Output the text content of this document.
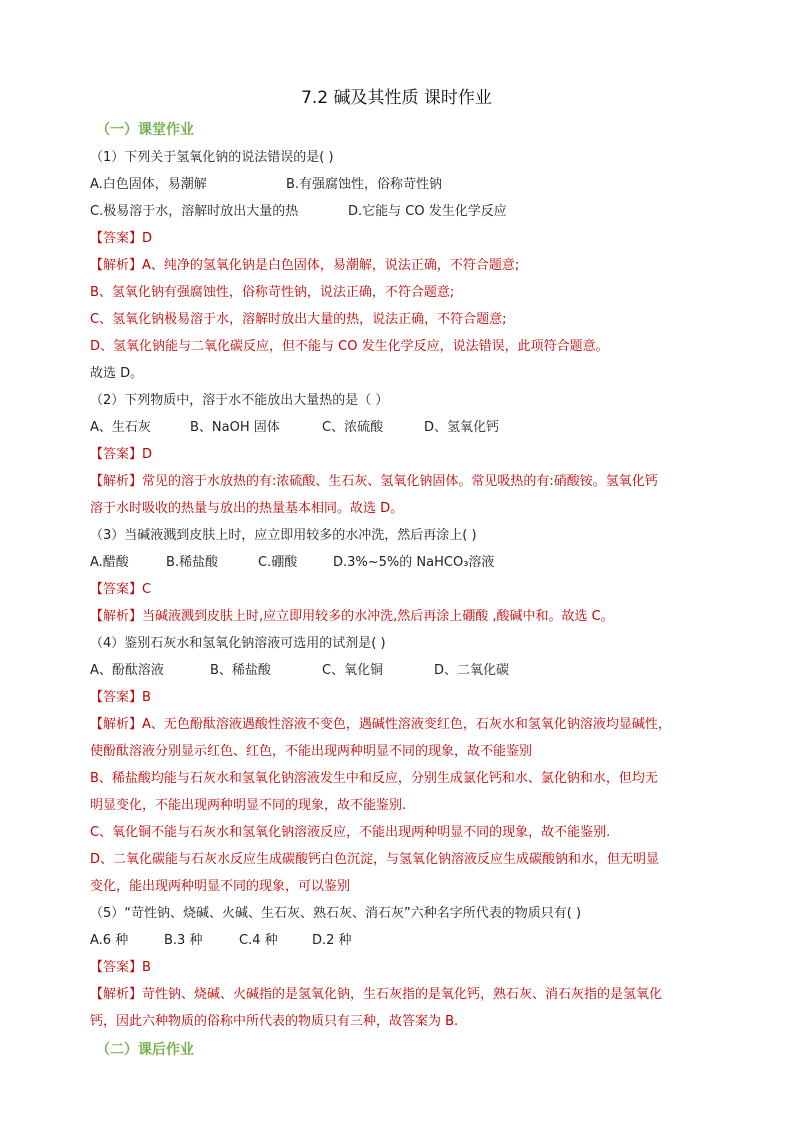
7.2 碱及其性质 课时作业
（一）课堂作业
（1）下列关于氢氧化钠的说法错误的是( )
A.白色固体，易潮解	B.有强腐蚀性，俗称苛性钠
C.极易溶于水，溶解时放出大量的热	D.它能与 CO 发生化学反应
【答案】D
【解析】A、纯净的氢氧化钠是白色固体，易潮解，说法正确，不符合题意;
B、氢氧化钠有强腐蚀性，俗称苛性钠，说法正确，不符合题意;
C、氢氧化钠极易溶于水，溶解时放出大量的热，说法正确，不符合题意;
D、氢氧化钠能与二氧化碳反应，但不能与 CO 发生化学反应，说法错误，此项符合题意。
故选 D。
（2）下列物质中，溶于水不能放出大量热的是（ ）
A、生石灰	B、NaOH 固体	C、浓硫酸	D、氢氧化钙
【答案】D
【解析】常见的溶于水放热的有:浓硫酸、生石灰、氢氧化钠固体。常见吸热的有:硝酸铵。氢氧化钙
溶于水时吸收的热量与放出的热量基本相同。故选 D。
（3）当碱液溅到皮肤上时，应立即用较多的水冲洗，然后再涂上( )
A.醋酸	B.稀盐酸	C.硼酸	D.3%~5%的 NaHCO₃溶液
【答案】C
【解析】当碱液溅到皮肤上时,应立即用较多的水冲洗,然后再涂上硼酸 ,酸碱中和。故选 C。
（4）鉴别石灰水和氢氧化钠溶液可选用的试剂是( )
A、酚酞溶液	B、稀盐酸	C、氧化铜	D、二氧化碳
【答案】B
【解析】A、无色酚酞溶液遇酸性溶液不变色，遇碱性溶液变红色，石灰水和氢氧化钠溶液均显碱性，
使酚酞溶液分别显示红色、红色，不能出现两种明显不同的现象，故不能鉴别
B、稀盐酸均能与石灰水和氢氧化钠溶液发生中和反应，分别生成氯化钙和水、氯化钠和水，但均无
明显变化，不能出现两种明显不同的现象，故不能鉴别.
C、氧化铜不能与石灰水和氢氧化钠溶液反应，不能出现两种明显不同的现象，故不能鉴别.
D、二氧化碳能与石灰水反应生成碳酸钙白色沉淀，与氢氧化钠溶液反应生成碳酸钠和水，但无明显
变化，能出现两种明显不同的现象，可以鉴别
（5）“苛性钠、烧碱、火碱、生石灰、熟石灰、消石灰”六种名字所代表的物质只有( )
A.6 种	B.3 种	C.4 种	D.2 种
【答案】B
【解析】苛性钠、烧碱、火碱指的是氢氧化钠，生石灰指的是氧化钙，熟石灰、消石灰指的是氢氧化
钙，因此六种物质的俗称中所代表的物质只有三种，故答案为 B.
（二）课后作业
